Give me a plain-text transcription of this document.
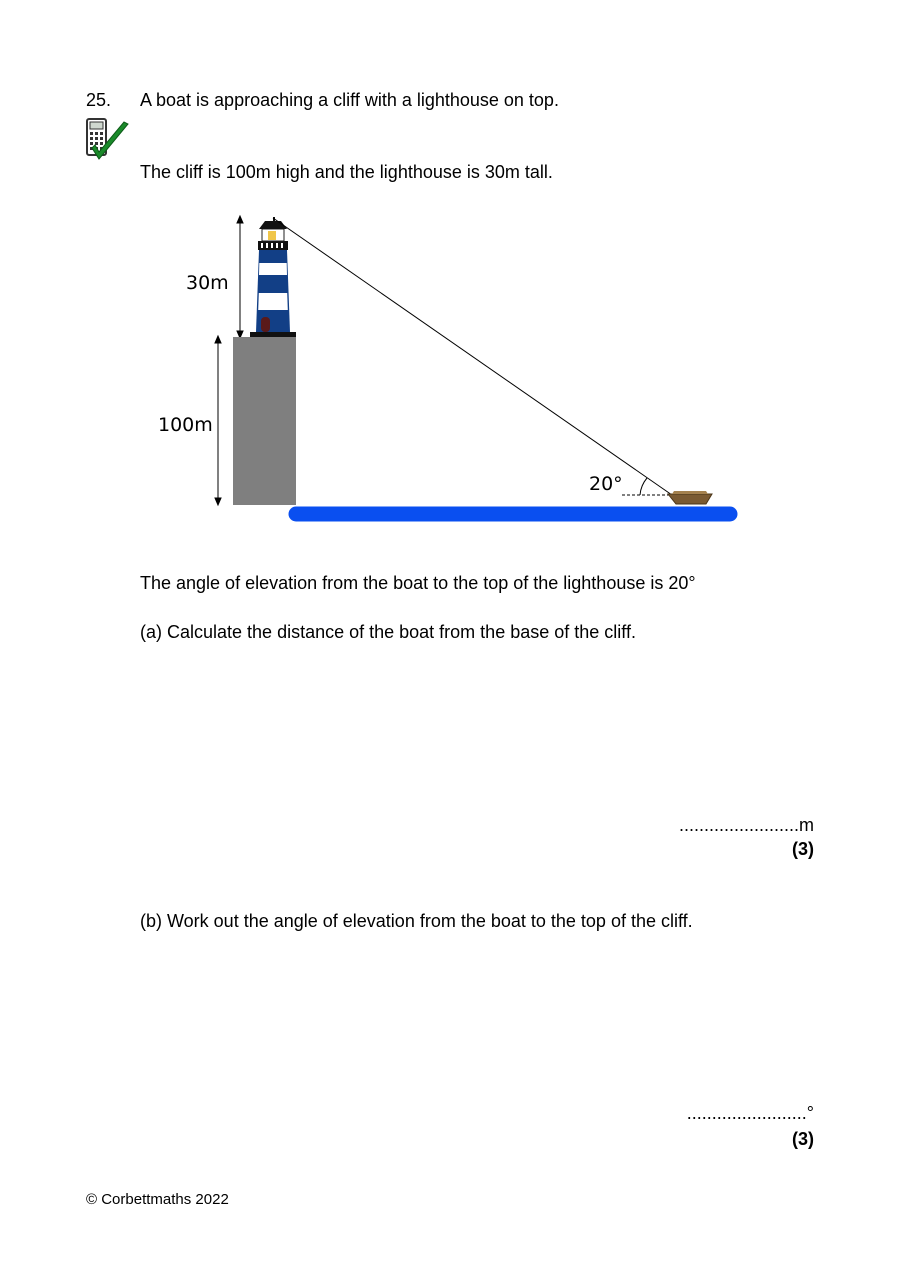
25. A boat is approaching a cliff with a lighthouse on top.
The cliff is 100m high and the lighthouse is 30m tall.
30m
100m
20°
The angle of elevation from the boat to the top of the lighthouse is 20°
(a) Calculate the distance of the boat from the base of the cliff.
........................m
(3)
(b) Work out the angle of elevation from the boat to the top of the cliff.
........................°
(3)
© Corbettmaths 2022
